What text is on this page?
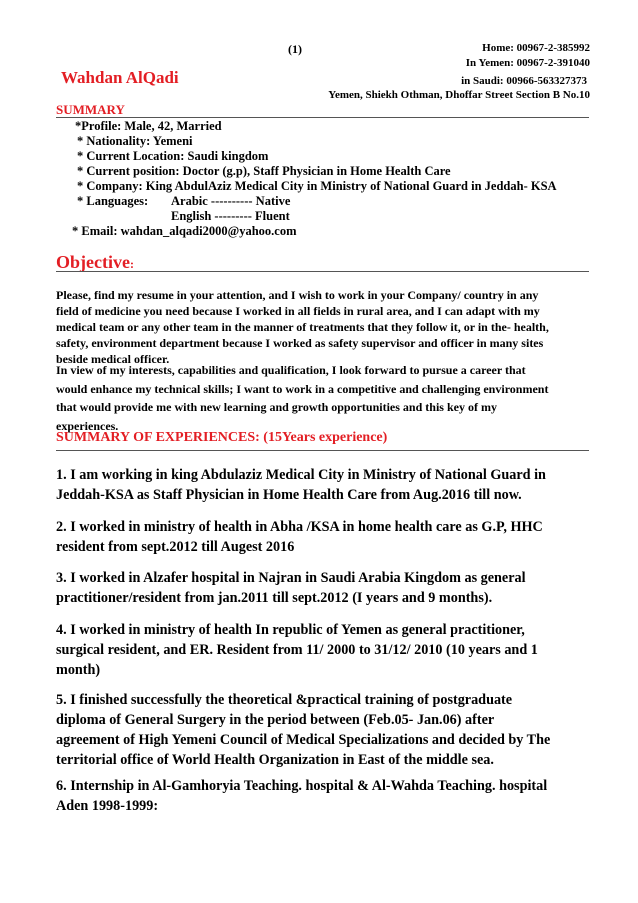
(1)	Home: 00967-2-385992
In Yemen: 00967-2-391040
in Saudi: 00966-563327373
Wahdan AlQadi
Yemen, Shiekh Othman, Dhoffar Street Section B No.10
SUMMARY
*Profile: Male, 42, Married
* Nationality: Yemeni
* Current Location: Saudi kingdom
* Current position: Doctor (g.p), Staff Physician in Home Health Care
* Company: King AbdulAziz Medical City in Ministry of National Guard in Jeddah- KSA
* Languages: Arabic ---------- Native
English --------- Fluent
* Email: wahdan_alqadi2000@yahoo.com
Objective:
Please, find my resume in your attention, and I wish to work in your Company/ country in any
field of medicine you need because I worked in all fields in rural area, and I can adapt with my
medical team or any other team in the manner of treatments that they follow it, or in the- health,
safety, environment department because I worked as safety supervisor and officer in many sites
beside medical officer.
In view of my interests, capabilities and qualification, I look forward to pursue a career that
would enhance my technical skills; I want to work in a competitive and challenging environment
that would provide me with new learning and growth opportunities and this key of my
experiences.
SUMMARY OF EXPERIENCES: (15Years experience)
1. I am working in king Abdulaziz Medical City in Ministry of National Guard in
Jeddah-KSA as Staff Physician in Home Health Care from Aug.2016 till now.
2. I worked in ministry of health in Abha /KSA in home health care as G.P, HHC
resident from sept.2012 till Augest 2016
3. I worked in Alzafer hospital in Najran in Saudi Arabia Kingdom as general
practitioner/resident from jan.2011 till sept.2012 (I years and 9 months).
4. I worked in ministry of health In republic of Yemen as general practitioner,
surgical resident, and ER. Resident from 11/ 2000 to 31/12/ 2010 (10 years and 1
month)
5. I finished successfully the theoretical &practical training of postgraduate
diploma of General Surgery in the period between (Feb.05- Jan.06) after
agreement of High Yemeni Council of Medical Specializations and decided by The
territorial office of World Health Organization in East of the middle sea.
6. Internship in Al-Gamhoryia Teaching. hospital & Al-Wahda Teaching. hospital
Aden 1998-1999:
